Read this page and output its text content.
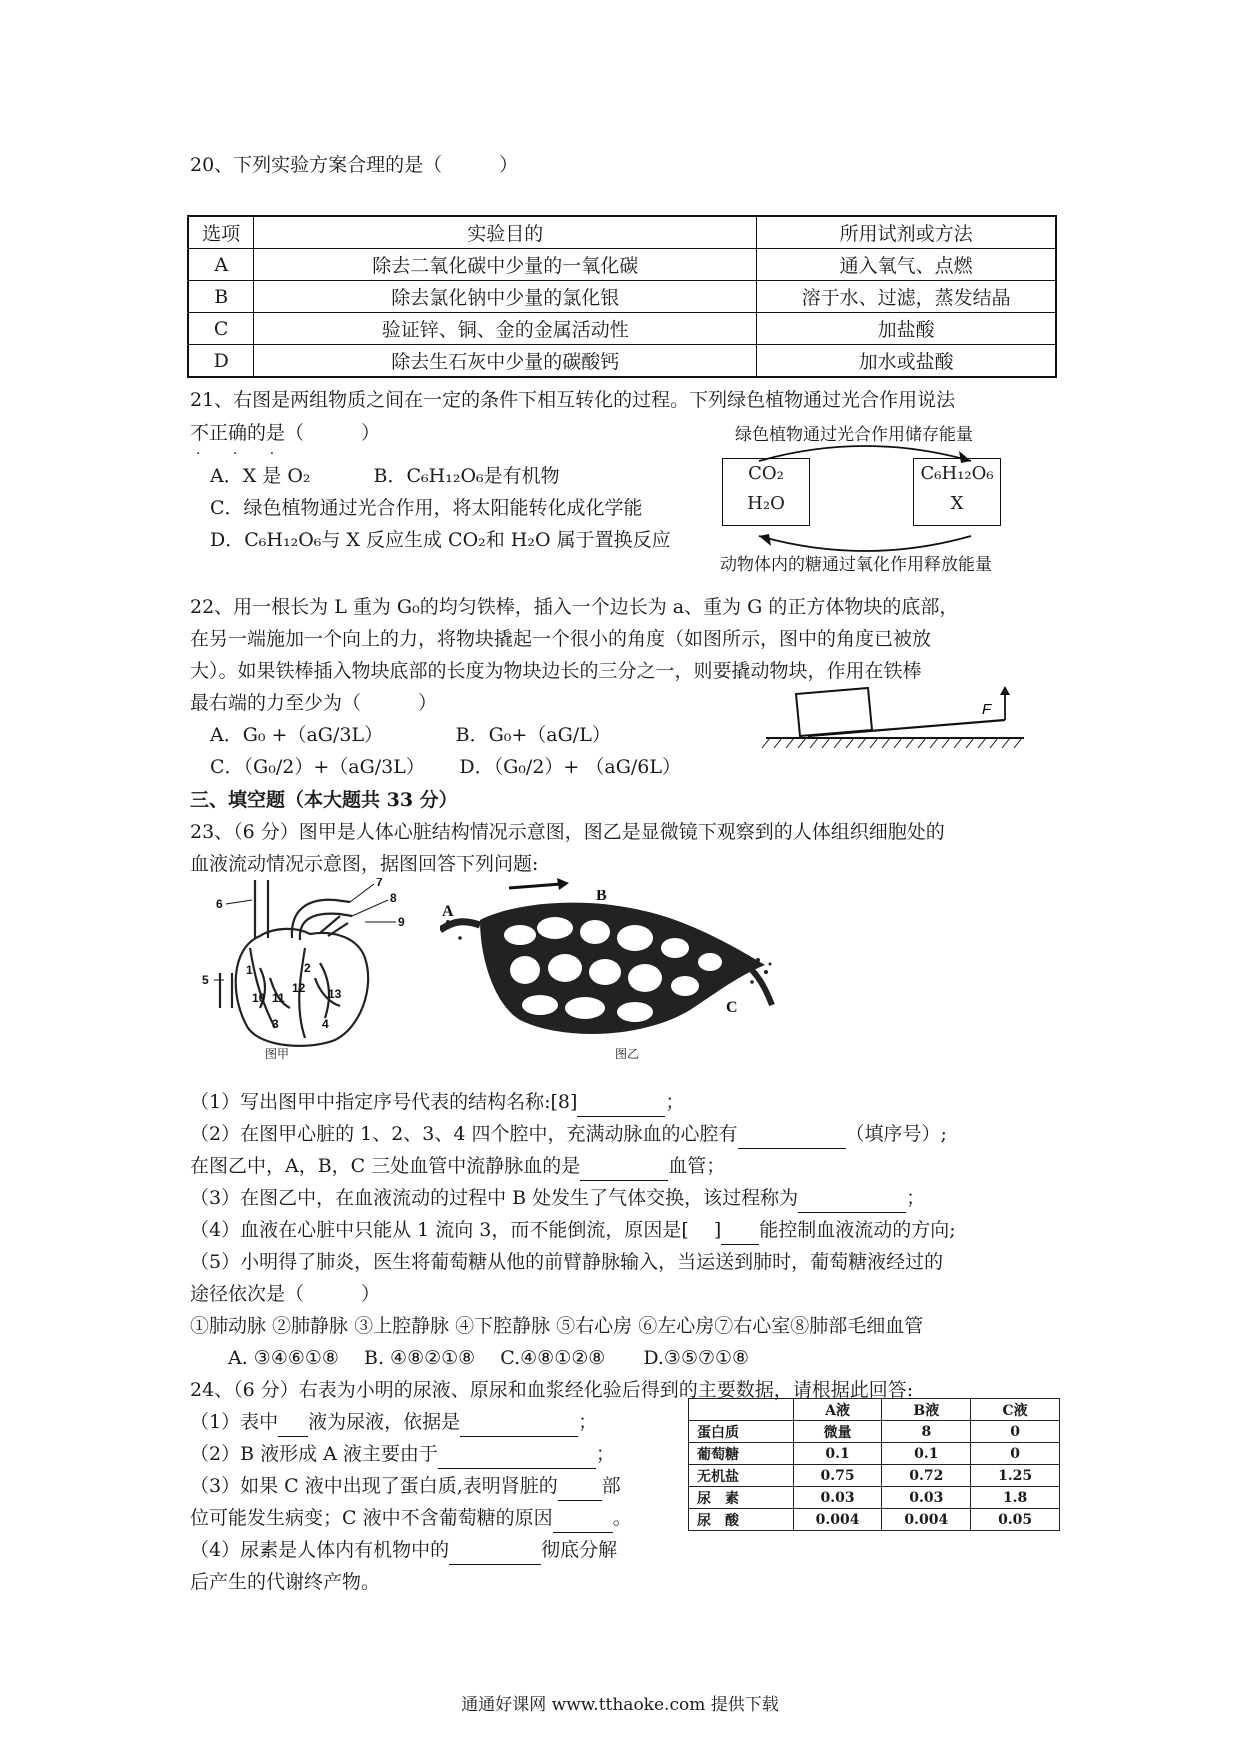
20、下列实验方案合理的是（　　　）
选项	实验目的	所用试剂或方法
A	除去二氧化碳中少量的一氧化碳	通入氧气、点燃
B	除去氯化钠中少量的氯化银	溶于水、过滤，蒸发结晶
C	验证锌、铜、金的金属活动性	加盐酸
D	除去生石灰中少量的碳酸钙	加水或盐酸
21、右图是两组物质之间在一定的条件下相互转化的过程。下列绿色植物通过光合作用说法
不正确的是（　　　）
· · ·
A．X 是 O₂　　　 B．C₆H₁₂O₆是有机物
C．绿色植物通过光合作用，将太阳能转化成化学能
D．C₆H₁₂O₆与 X 反应生成 CO₂和 H₂O 属于置换反应
绿色植物通过光合作用储存能量
CO₂
H₂O
C₆H₁₂O₆
X
动物体内的糖通过氧化作用释放能量
22、用一根长为 L 重为 G₀的均匀铁棒，插入一个边长为 a、重为 G 的正方体物块的底部，
在另一端施加一个向上的力，将物块撬起一个很小的角度（如图所示，图中的角度已被放
大）。如果铁棒插入物块底部的长度为物块边长的三分之一，则要撬动物块，作用在铁棒
最右端的力至少为（　　　）
A．G₀ +（aG/3L）　　　　 B．G₀+（aG/L）
C．（G₀/2）+（aG/3L）　　 D．（G₀/2）+ （aG/6L）
F
三、填空题（本大题共 33 分）
23、（6 分）图甲是人体心脏结构情况示意图，图乙是显微镜下观察到的人体组织细胞处的
血液流动情况示意图，据图回答下列问题:
1	2
3	4
5
6
7
8
9
10 11
12 13
图甲
A
B
C
图乙
（1）写出图甲中指定序号代表的结构名称:[8]	；
（2）在图甲心脏的 1、2、3、4 四个腔中，充满动脉血的心腔有	（填序号）;
在图乙中，A，B，C 三处血管中流静脉血的是	血管；
（3）在图乙中，在血液流动的过程中 B 处发生了气体交换，该过程称为	；
（4）血液在心脏中只能从 1 流向 3，而不能倒流，原因是[　 ] 能控制血液流动的方向;
（5）小明得了肺炎，医生将葡萄糖从他的前臂静脉输入，当运送到肺时，葡萄糖液经过的
途径依次是（　　　）
①肺动脉 ②肺静脉 ③上腔静脉 ④下腔静脉 ⑤右心房 ⑥左心房⑦右心室⑧肺部毛细血管
A. ③④⑥①⑧　 B. ④⑧②①⑧　 C.④⑧①②⑧　　D.③⑤⑦①⑧
24、（6 分）右表为小明的尿液、原尿和血浆经化验后得到的主要数据，请根据此回答:
（1）表中 液为尿液，依据是	；
（2）B 液形成 A 液主要由于	；
（3）如果 C 液中出现了蛋白质,表明肾脏的 部
位可能发生病变；C 液中不含葡萄糖的原因	。
（4）尿素是人体内有机物中的	彻底分解
后产生的代谢终产物。
	A液	B液	C液
蛋白质	微量	8	0
葡萄糖	0.1	0.1	0
无机盐	0.75	0.72	1.25
尿　素	0.03	0.03	1.8
尿　酸	0.004	0.004	0.05
通通好课网 www.tthaoke.com 提供下载
